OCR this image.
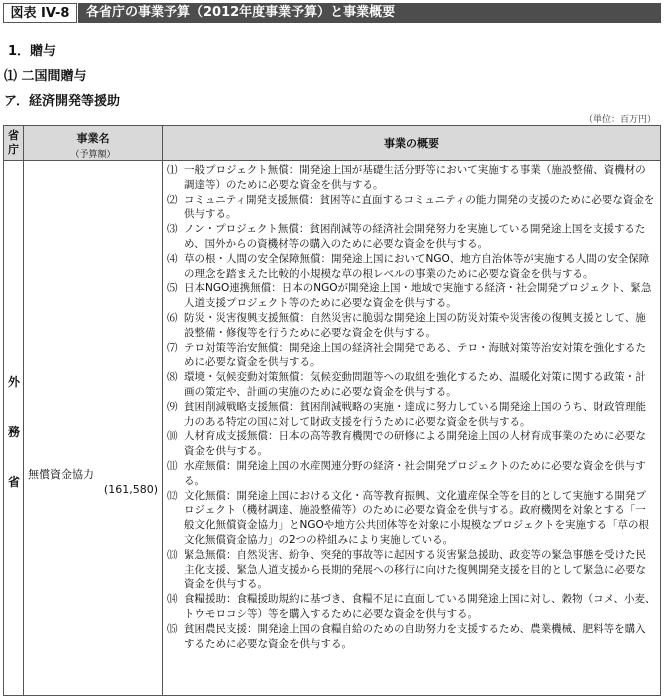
図表 IV-8	各省庁の事業予算（2012年度事業予算）と事業概要
1．贈与
⑴ 二国間贈与
ア．経済開発等援助
（単位：百万円）
省庁
事業名
（予算額）
事業の概要
外
務
省
無償資金協力
(161,580)
⑴ 一般プロジェクト無償：開発途上国が基礎生活分野等において実施する事業（施設整備、資機材の調達等）のために必要な資金を供与する。
⑵ コミュニティ開発支援無償：貧困等に直面するコミュニティの能力開発の支援のために必要な資金を供与する。
⑶ ノン・プロジェクト無償：貧困削減等の経済社会開発努力を実施している開発途上国を支援するため、国外からの資機材等の購入のために必要な資金を供与する。
⑷ 草の根・人間の安全保障無償：開発途上国においてNGO、地方自治体等が実施する人間の安全保障の理念を踏まえた比較的小規模な草の根レベルの事業のために必要な資金を供与する。
⑸ 日本NGO連携無償：日本のNGOが開発途上国・地域で実施する経済・社会開発プロジェクト、緊急人道支援プロジェクト等のために必要な資金を供与する。
⑹ 防災・災害復興支援無償：自然災害に脆弱な開発途上国の防災対策や災害後の復興支援として、施設整備・修復等を行うために必要な資金を供与する。
⑺ テロ対策等治安無償：開発途上国の経済社会開発である、テロ・海賊対策等治安対策を強化するために必要な資金を供与する。
⑻ 環境・気候変動対策無償：気候変動問題等への取組を強化するため、温暖化対策に関する政策・計画の策定や、計画の実施のために必要な資金を供与する。
⑼ 貧困削減戦略支援無償：貧困削減戦略の実施・達成に努力している開発途上国のうち、財政管理能力のある特定の国に対して財政支援を行うために必要な資金を供与する。
⑽ 人材育成支援無償：日本の高等教育機関での研修による開発途上国の人材育成事業のために必要な資金を供与する。
⑾ 水産無償：開発途上国の水産関連分野の経済・社会開発プロジェクトのために必要な資金を供与する。
⑿ 文化無償：開発途上国における文化・高等教育振興、文化遺産保全等を目的として実施する開発プロジェクト（機材調達、施設整備等）のために必要な資金を供与する。政府機関を対象とする「一般文化無償資金協力」とNGOや地方公共団体等を対象に小規模なプロジェクトを実施する「草の根文化無償資金協力」の2つの枠組みにより実施している。
⒀ 緊急無償：自然災害、紛争、突発的事故等に起因する災害緊急援助、政変等の緊急事態を受けた民主化支援、緊急人道支援から長期的発展への移行に向けた復興開発支援を目的として緊急に必要な資金を供与する。
⒁ 食糧援助：食糧援助規約に基づき、食糧不足に直面している開発途上国に対し、穀物（コメ、小麦、トウモロコシ等）等を購入するために必要な資金を供与する。
⒂ 貧困農民支援：開発途上国の食糧自給のための自助努力を支援するため、農業機械、肥料等を購入するために必要な資金を供与する。
